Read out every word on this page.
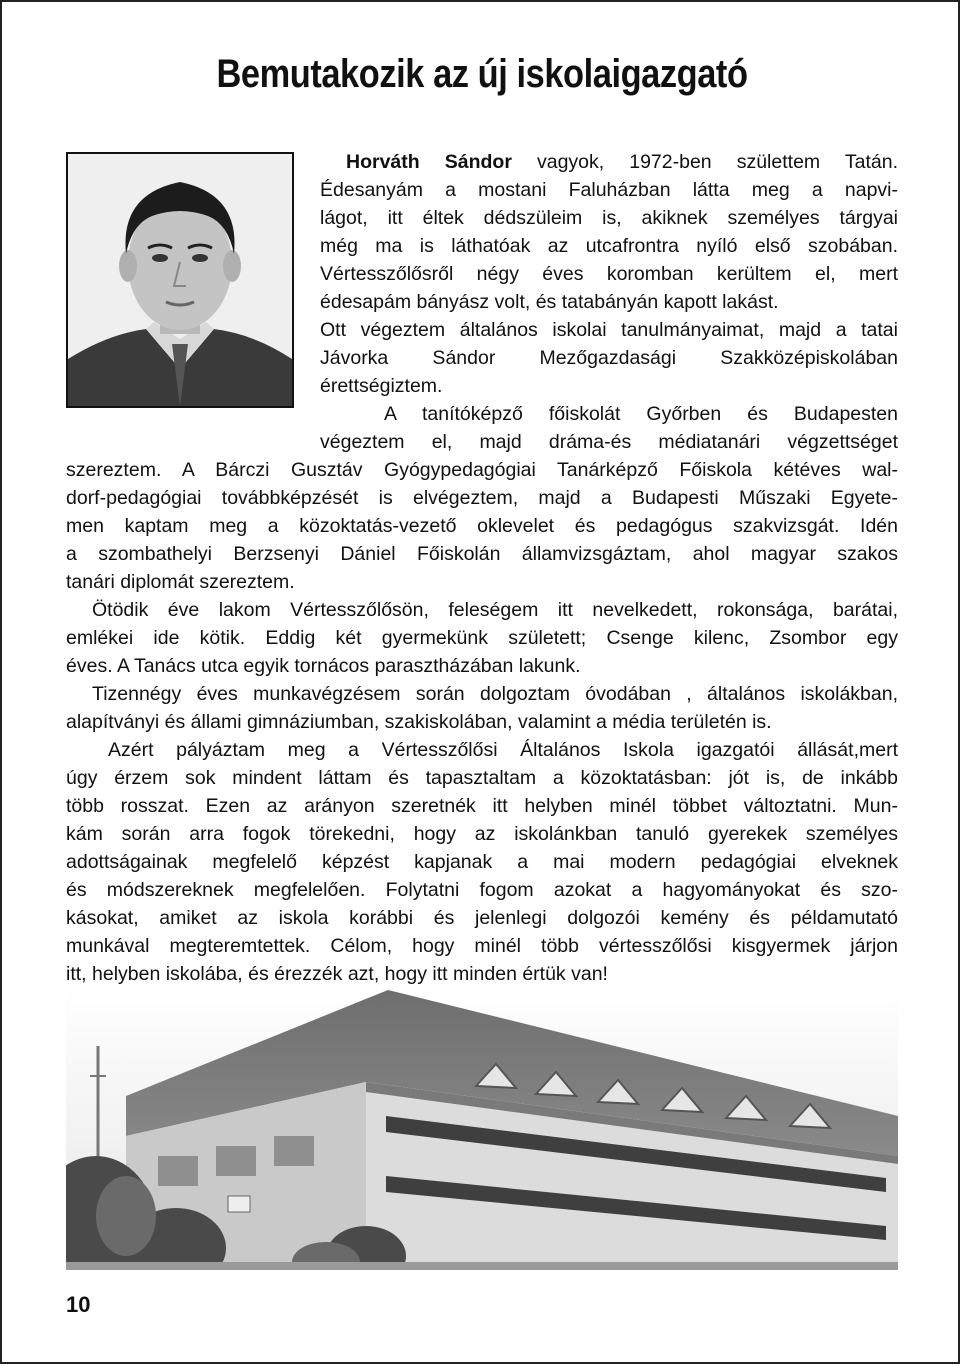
Bemutakozik az új iskolaigazgató
Horváth Sándor vagyok, 1972-ben születtem Tatán.
Édesanyám a mostani Faluházban látta meg a napvi-
lágot, itt éltek dédszüleim is, akiknek személyes tárgyai
még ma is láthatóak az utcafrontra nyíló első szobában.
Vértesszőlősről négy éves koromban kerültem el, mert
édesapám bányász volt, és tatabányán kapott lakást.
Ott végeztem általános iskolai tanulmányaimat, majd a tatai
Jávorka Sándor Mezőgazdasági Szakközépiskolában
érettségiztem.
A tanítóképző főiskolát Győrben és Budapesten
végeztem el, majd dráma-és médiatanári végzettséget
szereztem. A Bárczi Gusztáv Gyógypedagógiai Tanárképző Főiskola kétéves wal-
dorf-pedagógiai továbbképzését is elvégeztem, majd a Budapesti Műszaki Egyete-
men kaptam meg a közoktatás-vezető oklevelet és pedagógus szakvizsgát. Idén
a szombathelyi Berzsenyi Dániel Főiskolán államvizsgáztam, ahol magyar szakos
tanári diplomát szereztem.
Ötödik éve lakom Vértesszőlősön, feleségem itt nevelkedett, rokonsága, barátai,
emlékei ide kötik. Eddig két gyermekünk született; Csenge kilenc, Zsombor egy
éves. A Tanács utca egyik tornácos parasztházában lakunk.
Tizennégy éves munkavégzésem során dolgoztam óvodában , általános iskolákban,
alapítványi és állami gimnáziumban, szakiskolában, valamint a média területén is.
Azért pályáztam meg a Vértesszőlősi Általános Iskola igazgatói állását,mert
úgy érzem sok mindent láttam és tapasztaltam a közoktatásban: jót is, de inkább
több rosszat. Ezen az arányon szeretnék itt helyben minél többet változtatni. Mun-
kám során arra fogok törekedni, hogy az iskolánkban tanuló gyerekek személyes
adottságainak megfelelő képzést kapjanak a mai modern pedagógiai elveknek
és módszereknek megfelelően. Folytatni fogom azokat a hagyományokat és szo-
kásokat, amiket az iskola korábbi és jelenlegi dolgozói kemény és példamutató
munkával megteremtettek. Célom, hogy minél több vértesszőlősi kisgyermek járjon
itt, helyben iskolába, és érezzék azt, hogy itt minden értük van!
10
